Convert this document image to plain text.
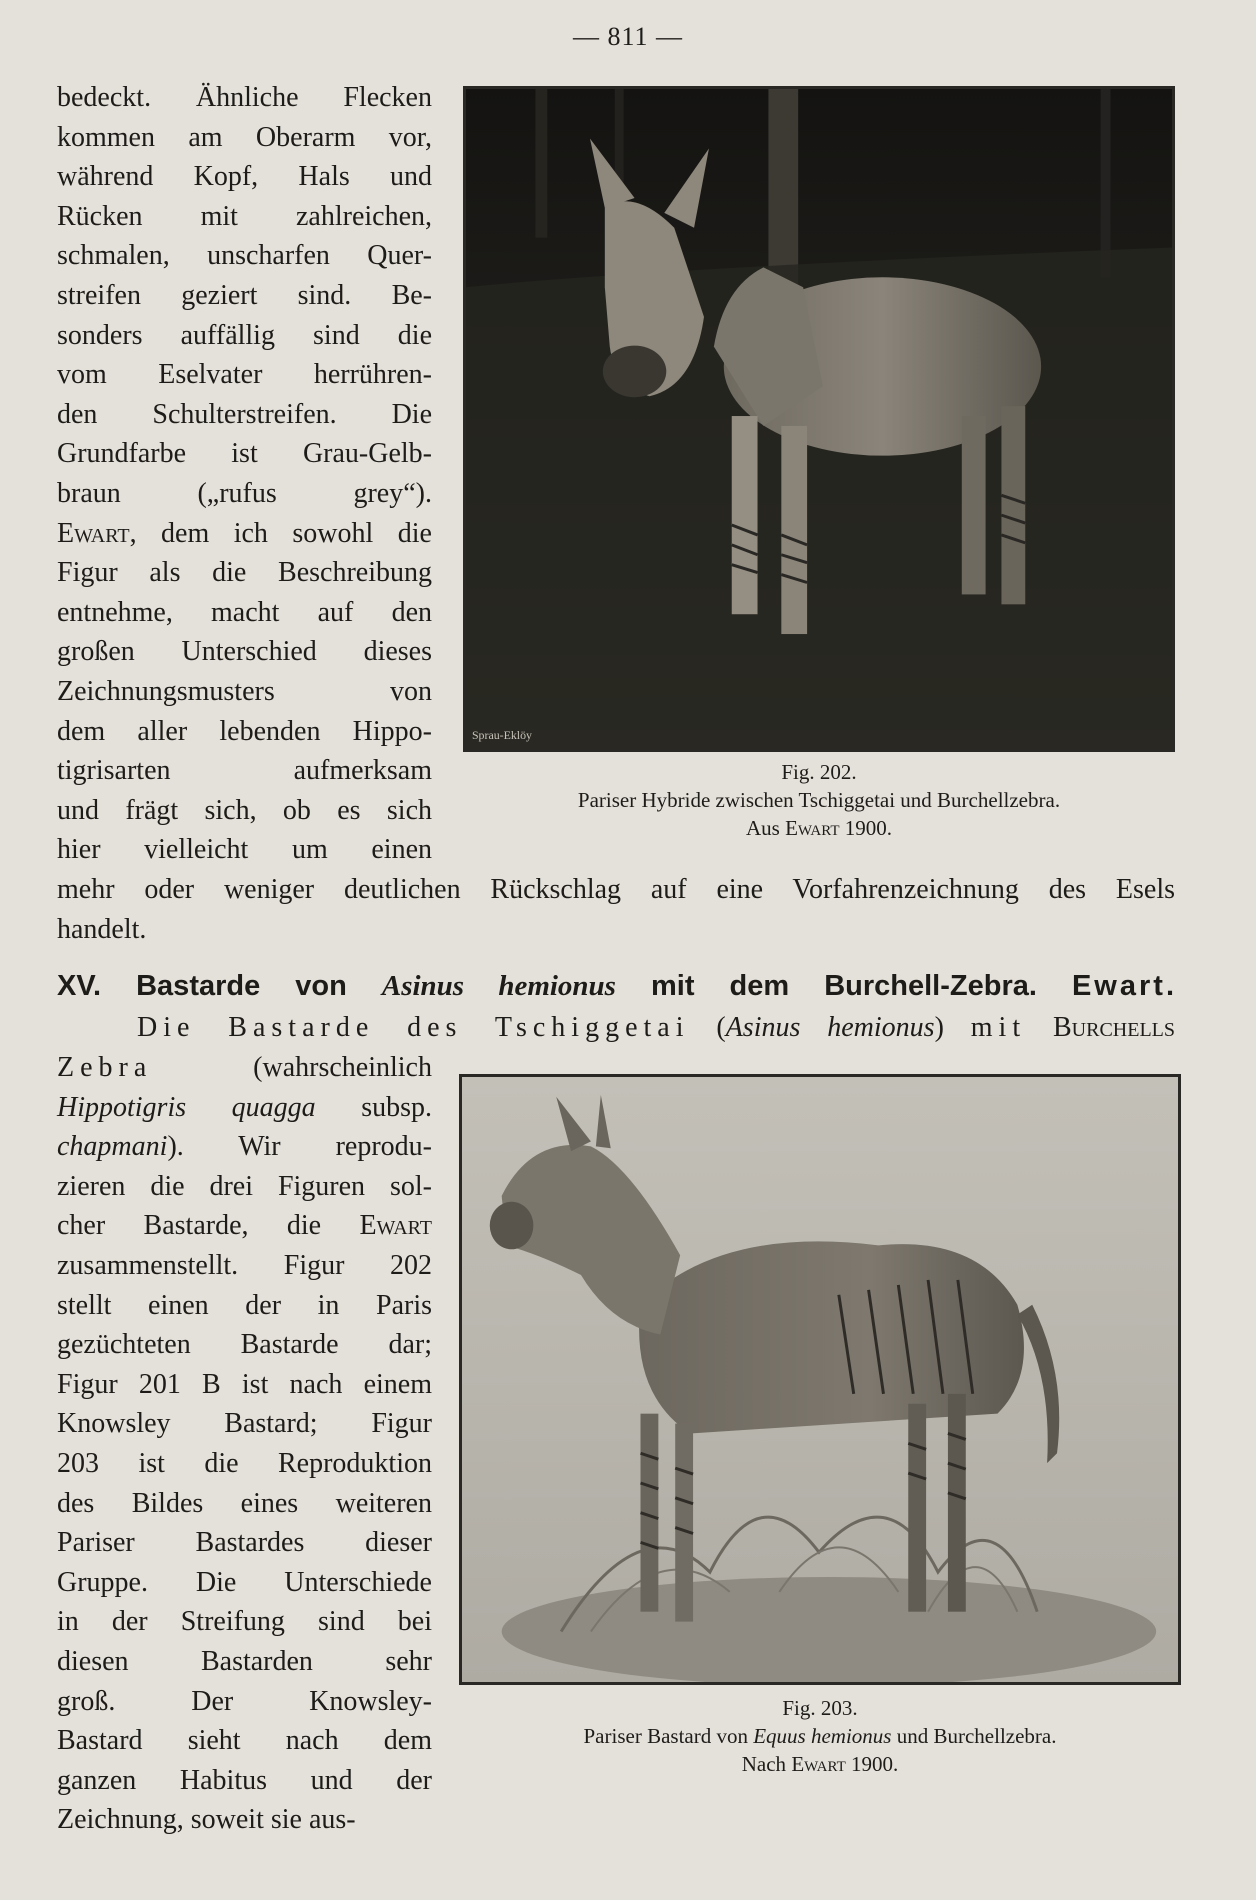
— 811 —
bedeckt. Ähnliche Flecken
kommen am Oberarm vor,
während Kopf, Hals und
Rücken mit zahlreichen,
schmalen, unscharfen Quer-
streifen geziert sind. Be-
sonders auffällig sind die
vom Eselvater herrühren-
den Schulterstreifen. Die
Grundfarbe ist Grau-Gelb-
braun („rufus grey“).
Ewart, dem ich sowohl die
Figur als die Beschreibung
entnehme, macht auf den
großen Unterschied dieses
Zeichnungsmusters von
dem aller lebenden Hippo-
tigrisarten aufmerksam
und frägt sich, ob es sich
hier vielleicht um einen
Sprau-Eklöy
Fig. 202.
Pariser Hybride zwischen Tschiggetai und Burchellzebra.
Aus Ewart 1900.
mehr oder weniger deutlichen Rückschlag auf eine Vorfahrenzeichnung des Esels
handelt.
XV. Bastarde von Asinus hemionus mit dem Burchell-Zebra. Ewart.
Die Bastarde des Tschiggetai (Asinus hemionus) mit Burchells
Zebra (wahrscheinlich
Hippotigris quagga subsp.
chapmani). Wir reprodu-
zieren die drei Figuren sol-
cher Bastarde, die Ewart
zusammenstellt. Figur 202
stellt einen der in Paris
gezüchteten Bastarde dar;
Figur 201 B ist nach einem
Knowsley Bastard; Figur
203 ist die Reproduktion
des Bildes eines weiteren
Pariser Bastardes dieser
Gruppe. Die Unterschiede
in der Streifung sind bei
diesen Bastarden sehr
groß. Der Knowsley-
Bastard sieht nach dem
ganzen Habitus und der
Zeichnung, soweit sie aus-
Fig. 203.
Pariser Bastard von Equus hemionus und Burchellzebra.
Nach Ewart 1900.
